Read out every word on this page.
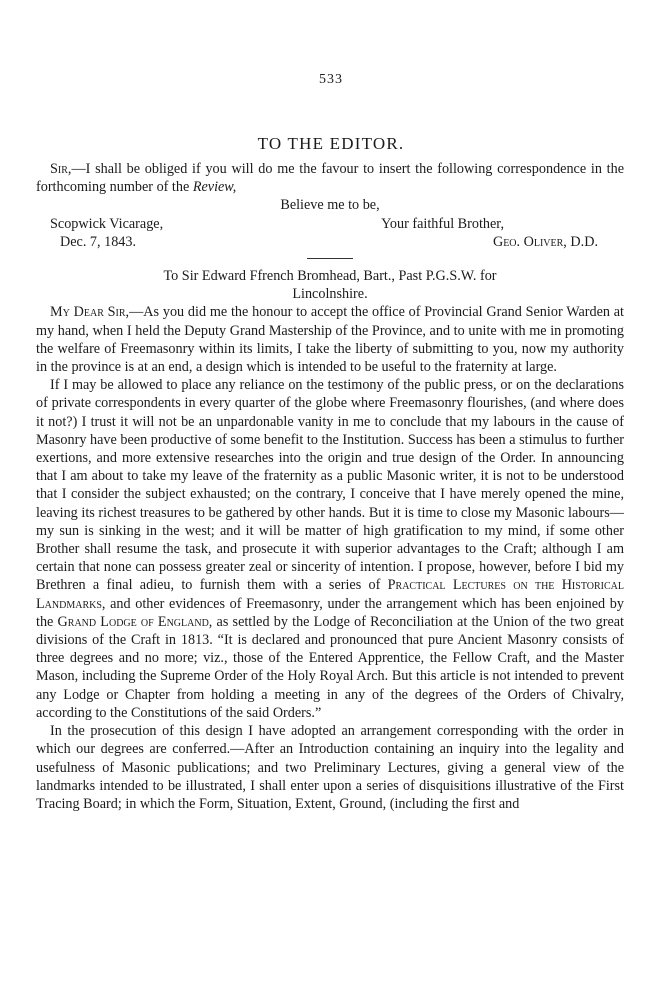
533
TO THE EDITOR.

Sir,—I shall be obliged if you will do me the favour to insert the following correspondence in the forthcoming number of the Review,

Believe me to be,
Scopwick Vicarage,	Your faithful Brother,
Dec. 7, 1843.	Geo. Oliver, D.D.
To Sir Edward Ffrench Bromhead, Bart., Past P.G.S.W. for
Lincolnshire.

My Dear Sir,—As you did me the honour to accept the office of Provincial Grand Senior Warden at my hand, when I held the Deputy Grand Mastership of the Province, and to unite with me in promoting the welfare of Freemasonry within its limits, I take the liberty of submitting to you, now my authority in the province is at an end, a design which is intended to be useful to the fraternity at large.

If I may be allowed to place any reliance on the testimony of the public press, or on the declarations of private correspondents in every quarter of the globe where Freemasonry flourishes, (and where does it not?) I trust it will not be an unpardonable vanity in me to conclude that my labours in the cause of Masonry have been productive of some benefit to the Institution. Success has been a stimulus to further exertions, and more extensive researches into the origin and true design of the Order. In announcing that I am about to take my leave of the fraternity as a public Masonic writer, it is not to be understood that I consider the subject exhausted; on the contrary, I conceive that I have merely opened the mine, leaving its richest treasures to be gathered by other hands. But it is time to close my Masonic labours—my sun is sinking in the west; and it will be matter of high gratification to my mind, if some other Brother shall resume the task, and prosecute it with superior advantages to the Craft; although I am certain that none can possess greater zeal or sincerity of intention. I propose, however, before I bid my Brethren a final adieu, to furnish them with a series of Practical Lectures on the Historical Landmarks, and other evidences of Freemasonry, under the arrangement which has been enjoined by the Grand Lodge of England, as settled by the Lodge of Reconciliation at the Union of the two great divisions of the Craft in 1813. “It is declared and pronounced that pure Ancient Masonry consists of three degrees and no more; viz., those of the Entered Apprentice, the Fellow Craft, and the Master Mason, including the Supreme Order of the Holy Royal Arch. But this article is not intended to prevent any Lodge or Chapter from holding a meeting in any of the degrees of the Orders of Chivalry, according to the Constitutions of the said Orders.”

In the prosecution of this design I have adopted an arrangement corresponding with the order in which our degrees are conferred.—After an Introduction containing an inquiry into the legality and usefulness of Masonic publications; and two Preliminary Lectures, giving a general view of the landmarks intended to be illustrated, I shall enter upon a series of disquisitions illustrative of the First Tracing Board; in which the Form, Situation, Extent, Ground, (including the first and
